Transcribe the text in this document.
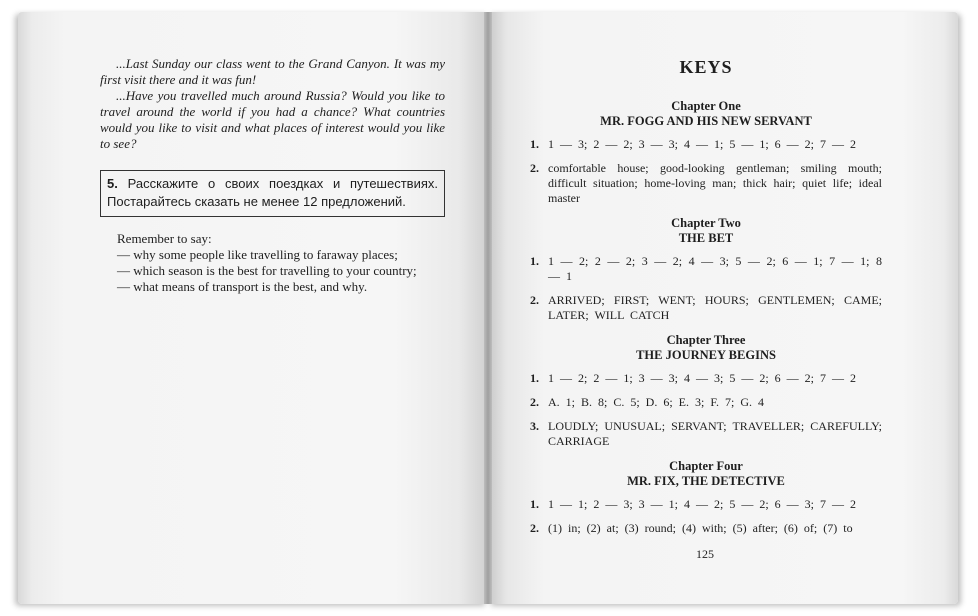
...Last Sunday our class went to the Grand Canyon. It was my first visit there and it was fun!

...Have you travelled much around Russia? Would you like to travel around the world if you had a chance? What countries would you like to visit and what places of interest would you like to see?

5. Расскажите о своих поездках и путешествиях. Постарайтесь сказать не менее 12 предложений.

Remember to say:

— why some people like travelling to faraway places;

— which season is the best for travelling to your country;

— what means of transport is the best, and why.

KEYS
Chapter One
MR. FOGG AND HIS NEW SERVANT
1. 1 — 3; 2 — 2; 3 — 3; 4 — 1; 5 — 1; 6 — 2; 7 — 2
2. comfortable house; good-looking gentleman; smiling mouth; difficult situation; home-loving man; thick hair; quiet life; ideal master
Chapter Two
THE BET
1. 1 — 2; 2 — 2; 3 — 2; 4 — 3; 5 — 2; 6 — 1; 7 — 1; 8 — 1
2. ARRIVED; FIRST; WENT; HOURS; GENTLEMEN; CAME; LATER; WILL CATCH
Chapter Three
THE JOURNEY BEGINS
1. 1 — 2; 2 — 1; 3 — 3; 4 — 3; 5 — 2; 6 — 2; 7 — 2
2. A. 1; B. 8; C. 5; D. 6; E. 3; F. 7; G. 4
3. LOUDLY; UNUSUAL; SERVANT; TRAVELLER; CAREFULLY; CARRIAGE
Chapter Four
MR. FIX, THE DETECTIVE
1. 1 — 1; 2 — 3; 3 — 1; 4 — 2; 5 — 2; 6 — 3; 7 — 2
2. (1) in; (2) at; (3) round; (4) with; (5) after; (6) of; (7) to
125
